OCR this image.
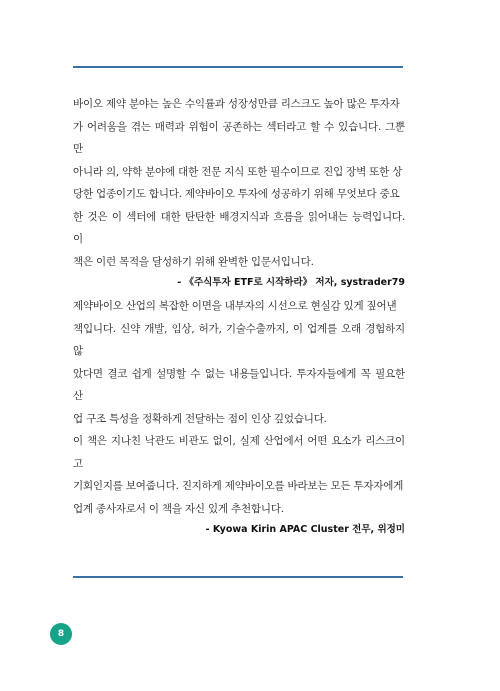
바이오 제약 분야는 높은 수익률과 성장성만큼 리스크도 높아 많은 투자자

가 어려움을 겪는 매력과 위험이 공존하는 섹터라고 할 수 있습니다. 그뿐만

아니라 의, 약학 분야에 대한 전문 지식 또한 필수이므로 진입 장벽 또한 상

당한 업종이기도 합니다. 제약바이오 투자에 성공하기 위해 무엇보다 중요

한 것은 이 섹터에 대한 탄탄한 배경지식과 흐름을 읽어내는 능력입니다. 이

책은 이런 목적을 달성하기 위해 완벽한 입문서입니다.

- 《주식투자 ETF로 시작하라》 저자, systrader79

제약바이오 산업의 복잡한 이면을 내부자의 시선으로 현실감 있게 짚어낸

책입니다. 신약 개발, 임상, 허가, 기술수출까지, 이 업계를 오래 경험하지 않

았다면 결코 쉽게 설명할 수 없는 내용들입니다. 투자자들에게 꼭 필요한 산

업 구조 특성을 정확하게 전달하는 점이 인상 깊었습니다.

이 책은 지나친 낙관도 비관도 없이, 실제 산업에서 어떤 요소가 리스크이고

기회인지를 보여줍니다. 진지하게 제약바이오를 바라보는 모든 투자자에게

업계 종사자로서 이 책을 자신 있게 추천합니다.

- Kyowa Kirin APAC Cluster 전무, 위정미
8
